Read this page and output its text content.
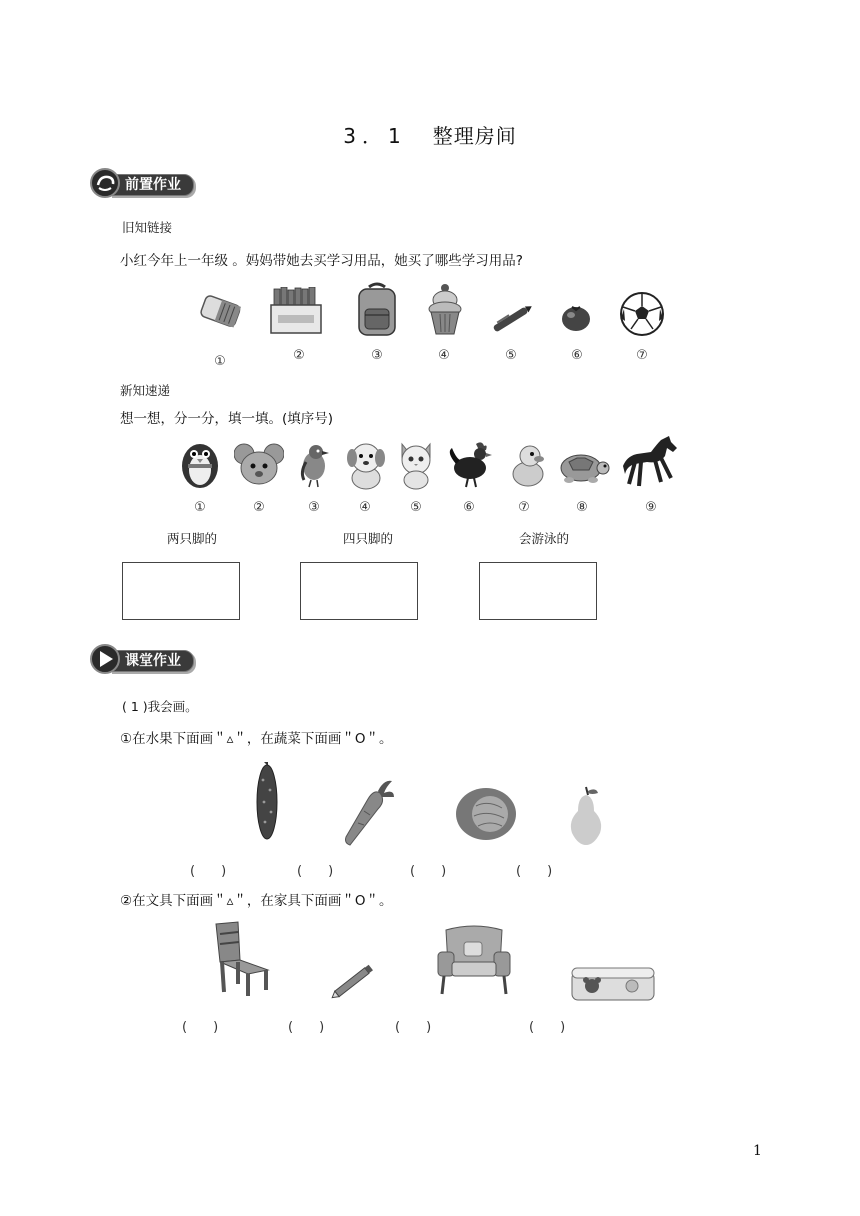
3．1 整理房间
前置作业
旧知链接
小红今年上一年级 。妈妈带她去买学习用品，她买了哪些学习用品?
①	②	③	④	⑤	⑥	⑦
新知速递
想一想，分一分，填一填。(填序号)
①	②	③	④	⑤	⑥	⑦	⑧	⑨
两只脚的	四只脚的	会游泳的
课堂作业
( 1 )我会画。
①在水果下面画＂▵＂，在蔬菜下面画＂O＂。
(　　)	(　　)	(　　)	(　　)
②在文具下面画＂▵＂，在家具下面画＂O＂。
(　　)	(　　)	(　　)	(　　)
1
